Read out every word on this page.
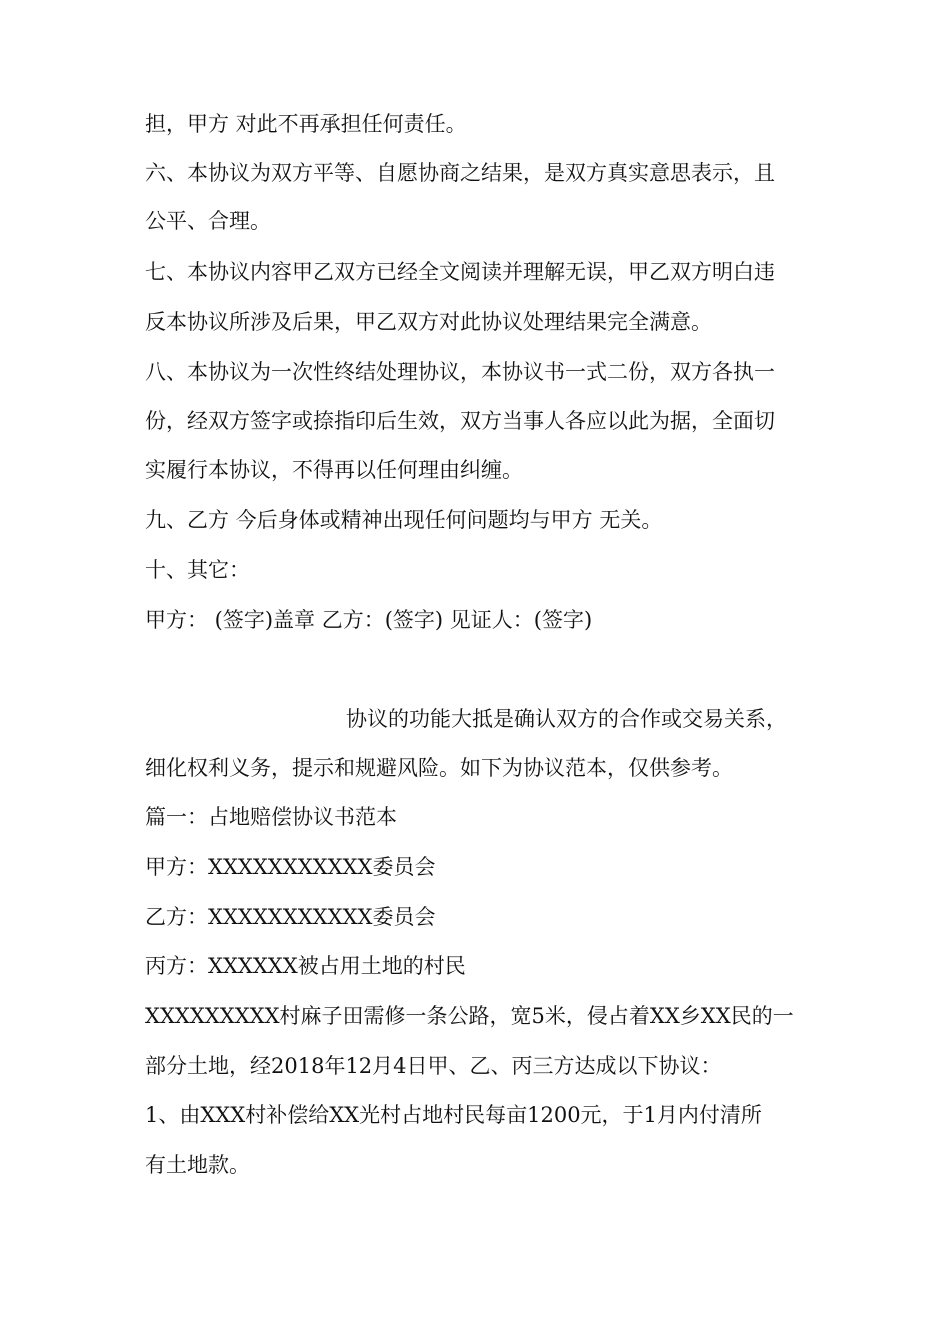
担，甲方 对此不再承担任何责任。
六、本协议为双方平等、自愿协商之结果，是双方真实意思表示，且
公平、合理。
七、本协议内容甲乙双方已经全文阅读并理解无误，甲乙双方明白违
反本协议所涉及后果，甲乙双方对此协议处理结果完全满意。
八、本协议为一次性终结处理协议，本协议书一式二份，双方各执一
份，经双方签字或捺指印后生效，双方当事人各应以此为据，全面切
实履行本协议，不得再以任何理由纠缠。
九、乙方 今后身体或精神出现任何问题均与甲方 无关。
十、其它：
甲方： (签字)盖章 乙方：(签字) 见证人：(签字)
协议的功能大抵是确认双方的合作或交易关系，
细化权利义务，提示和规避风险。如下为协议范本，仅供参考。
篇一：占地赔偿协议书范本
甲方：XXXXXXXXXXX委员会
乙方：XXXXXXXXXXX委员会
丙方：XXXXXX被占用土地的村民
XXXXXXXXX村麻子田需修一条公路，宽5米，侵占着XX乡XX民的一
部分土地，经2018年12月4日甲、乙、丙三方达成以下协议：
1、由XXX村补偿给XX光村占地村民每亩1200元，于1月内付清所
有土地款。
